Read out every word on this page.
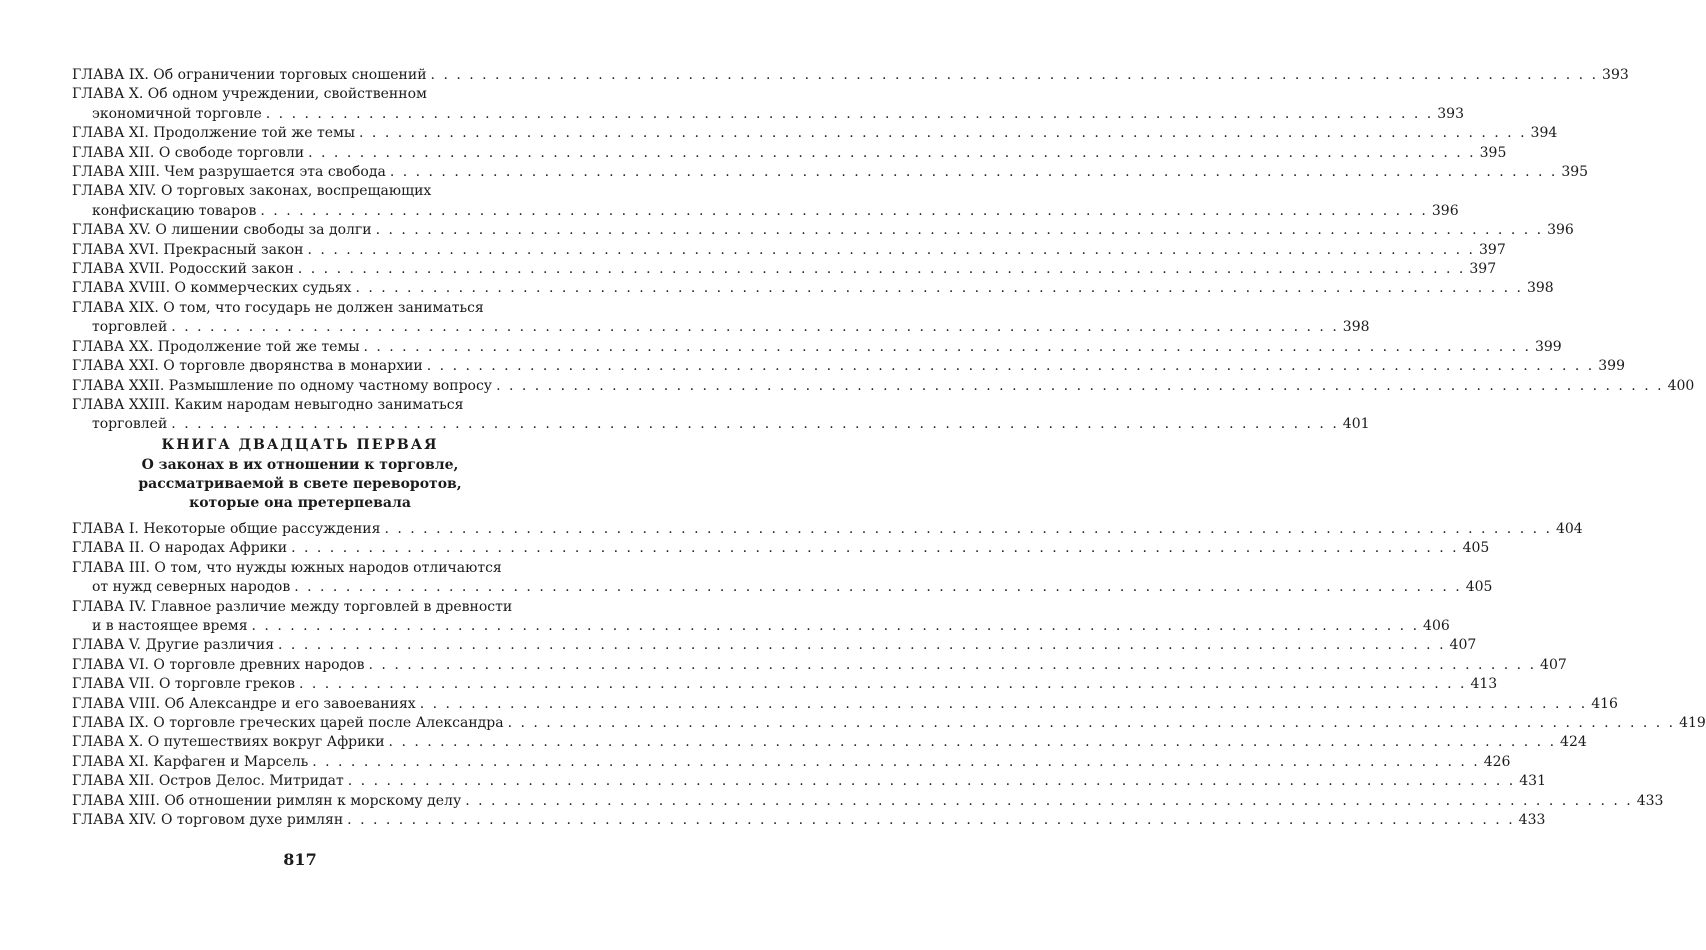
ГЛАВА IX. Об ограничении торговых сношений . . .	393
ГЛАВА X. Об одном учреждении, свойственном
экономичной торговле . . .	393
ГЛАВА XI. Продолжение той же темы . . .	394
ГЛАВА XII. О свободе торговли . . .	395
ГЛАВА XIII. Чем разрушается эта свобода . . .	395
ГЛАВА XIV. О торговых законах, воспрещающих
конфискацию товаров . . .	396
ГЛАВА XV. О лишении свободы за долги . . .	396
ГЛАВА XVI. Прекрасный закон . . .	397
ГЛАВА XVII. Родосский закон . . .	397
ГЛАВА XVIII. О коммерческих судьях . . .	398
ГЛАВА XIX. О том, что государь не должен заниматься
торговлей . . .	398
ГЛАВА XX. Продолжение той же темы . . .	399
ГЛАВА XXI. О торговле дворянства в монархии . . .	399
ГЛАВА XXII. Размышление по одному частному вопросу . . .	400
ГЛАВА XXIII. Каким народам невыгодно заниматься
торговлей . . .	401
КНИГА ДВАДЦАТЬ ПЕРВАЯ
О законах в их отношении к торговле,
рассматриваемой в свете переворотов,
которые она претерпевала
ГЛАВА I. Некоторые общие рассуждения . . .	404
ГЛАВА II. О народах Африки . . .	405
ГЛАВА III. О том, что нужды южных народов отличаются
от нужд северных народов . . .	405
ГЛАВА IV. Главное различие между торговлей в древности
и в настоящее время . . .	406
ГЛАВА V. Другие различия . . .	407
ГЛАВА VI. О торговле древних народов . . .	407
ГЛАВА VII. О торговле греков . . .	413
ГЛАВА VIII. Об Александре и его завоеваниях . . .	416
ГЛАВА IX. О торговле греческих царей после Александра . . .	419
ГЛАВА X. О путешествиях вокруг Африки . . .	424
ГЛАВА XI. Карфаген и Марсель . . .	426
ГЛАВА XII. Остров Делос. Митридат . . .	431
ГЛАВА XIII. Об отношении римлян к морскому делу . . .	433
ГЛАВА XIV. О торговом духе римлян . . .	433
817
